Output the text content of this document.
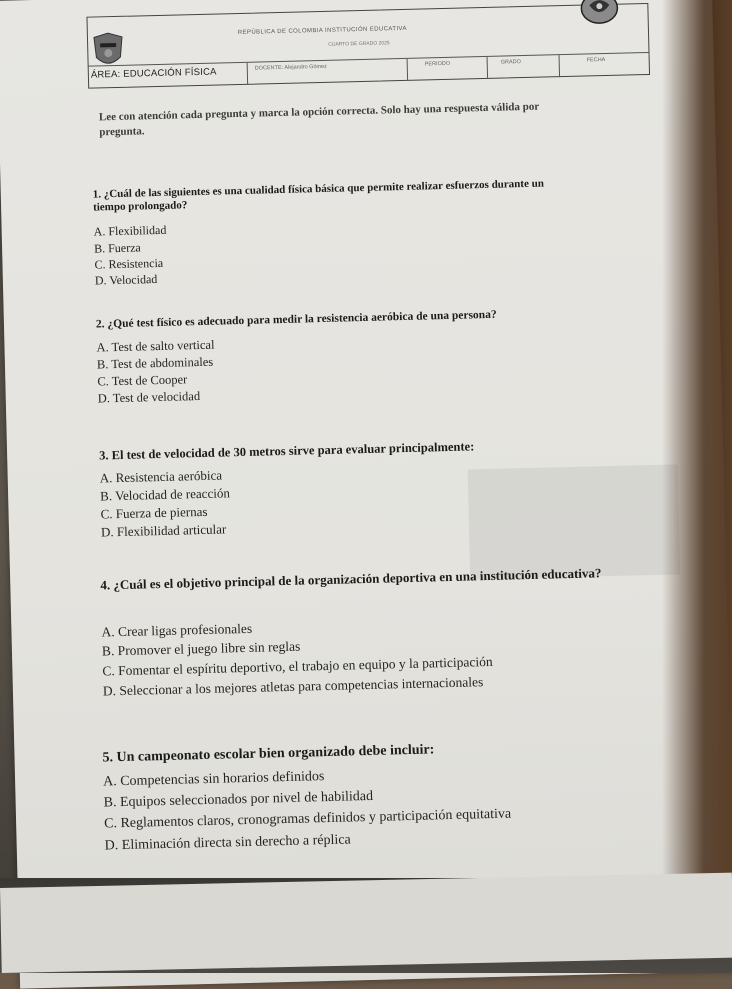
REPÚBLICA DE COLOMBIA INSTITUCIÓN EDUCATIVA
CUARTO DE GRADO 2025
ÁREA: EDUCACIÓN FÍSICA	DOCENTE: Alejandro Gómez	PERIODO	GRADO	FECHA
Lee con atención cada pregunta y marca la opción correcta. Solo hay una respuesta válida por pregunta.
1. ¿Cuál de las siguientes es una cualidad física básica que permite realizar esfuerzos durante un tiempo prolongado?
A. Flexibilidad
B. Fuerza
C. Resistencia
D. Velocidad
2. ¿Qué test físico es adecuado para medir la resistencia aeróbica de una persona?
A. Test de salto vertical
B. Test de abdominales
C. Test de Cooper
D. Test de velocidad
3. El test de velocidad de 30 metros sirve para evaluar principalmente:
A. Resistencia aeróbica
B. Velocidad de reacción
C. Fuerza de piernas
D. Flexibilidad articular
4. ¿Cuál es el objetivo principal de la organización deportiva en una institución educativa?
A. Crear ligas profesionales
B. Promover el juego libre sin reglas
C. Fomentar el espíritu deportivo, el trabajo en equipo y la participación
D. Seleccionar a los mejores atletas para competencias internacionales
5. Un campeonato escolar bien organizado debe incluir:
A. Competencias sin horarios definidos
B. Equipos seleccionados por nivel de habilidad
C. Reglamentos claros, cronogramas definidos y participación equitativa
D. Eliminación directa sin derecho a réplica
